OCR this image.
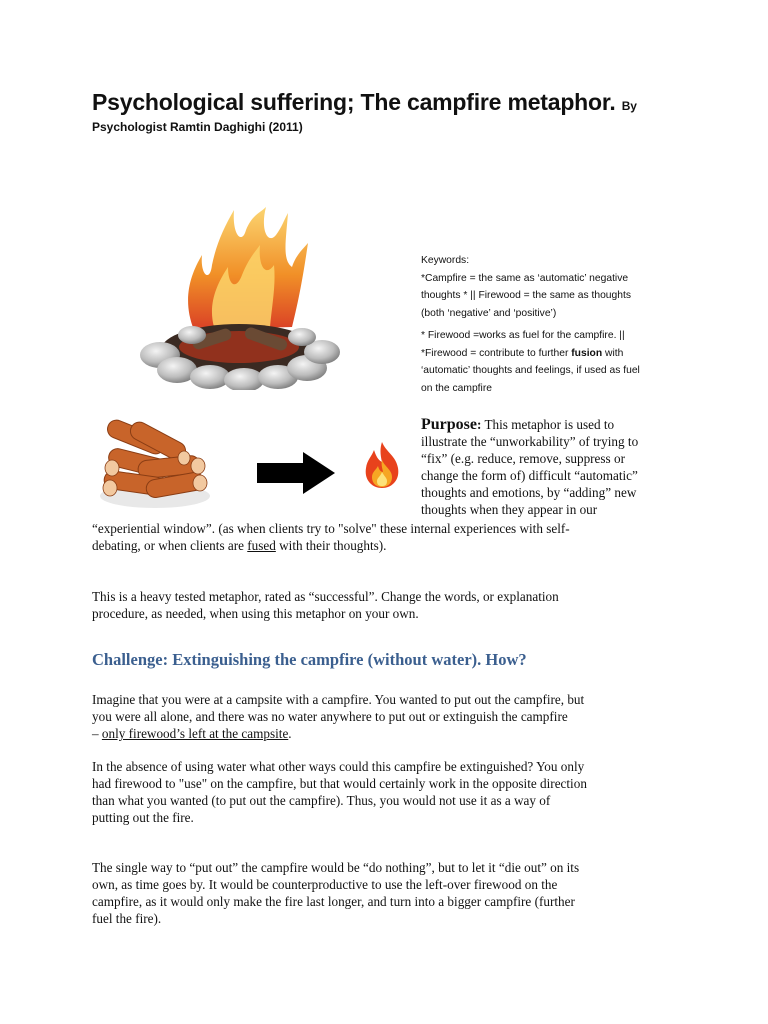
Psychological suffering; The campfire metaphor. By
Psychologist Ramtin Daghighi (2011)

Keywords:

*Campfire = the same as ‘automatic’ negative

thoughts * || Firewood = the same as thoughts

(both ‘negative’ and ‘positive’)

* Firewood =works as fuel for the campfire. ||

*Firewood = contribute to further fusion with

‘automatic’ thoughts and feelings, if used as fuel

on the campfire

Purpose: This metaphor is used to
illustrate the “unworkability” of trying to
“fix” (e.g. reduce, remove, suppress or
change the form of) difficult “automatic”
thoughts and emotions, by “adding” new
thoughts when they appear in our
“experiential window”. (as when clients try to "solve" these internal experiences with self-
debating, or when clients are fused with their thoughts).

This is a heavy tested metaphor, rated as “successful”. Change the words, or explanation

procedure, as needed, when using this metaphor on your own.

Challenge: Extinguishing the campfire (without water). How?

Imagine that you were at a campsite with a campfire. You wanted to put out the campfire, but

you were all alone, and there was no water anywhere to put out or extinguish the campfire

– only firewood’s left at the campsite.

In the absence of using water what other ways could this campfire be extinguished? You only

had firewood to "use" on the campfire, but that would certainly work in the opposite direction

than what you wanted (to put out the campfire). Thus, you would not use it as a way of

putting out the fire.

The single way to “put out” the campfire would be “do nothing”, but to let it “die out” on its

own, as time goes by. It would be counterproductive to use the left-over firewood on the

campfire, as it would only make the fire last longer, and turn into a bigger campfire (further

fuel the fire).
